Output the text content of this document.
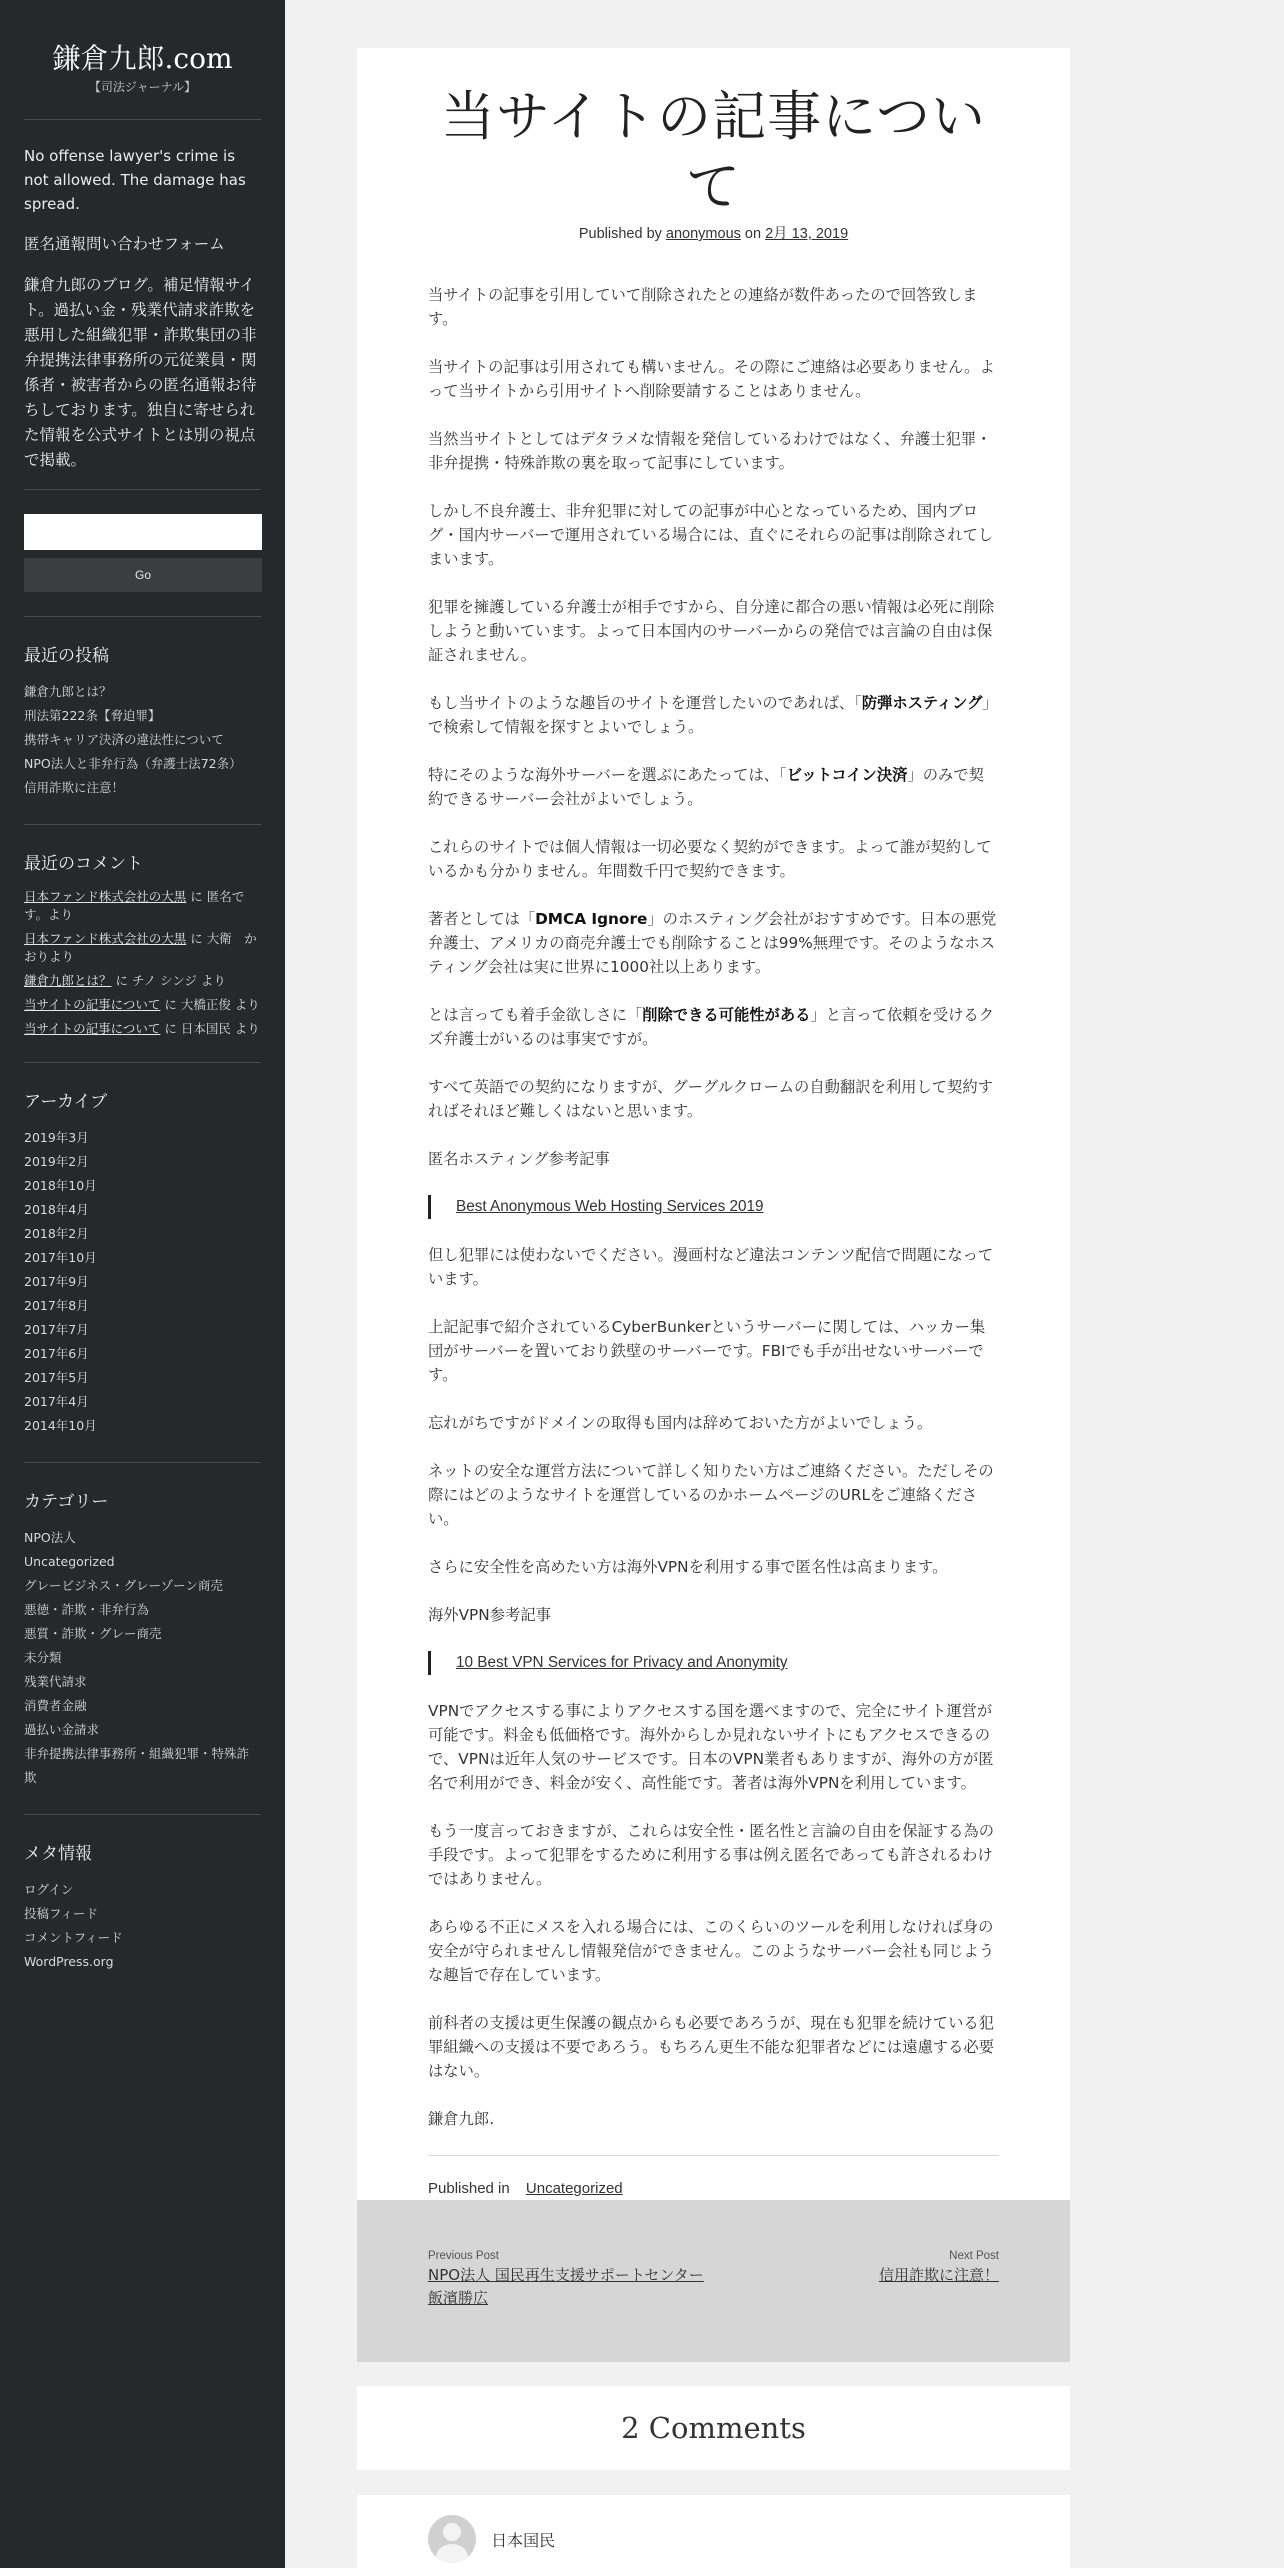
鎌倉九郎.com
【司法ジャーナル】

No offense lawyer's crime is not allowed. The damage has spread.

匿名通報問い合わせフォーム

鎌倉九郎のブログ。補足情報サイト。過払い金・残業代請求詐欺を悪用した組織犯罪・詐欺集団の非弁提携法律事務所の元従業員・関係者・被害者からの匿名通報お待ちしております。独自に寄せられた情報を公式サイトとは別の視点で掲載。

Go
最近の投稿
鎌倉九郎とは？
刑法第222条【脅迫罪】
携帯キャリア決済の違法性について
NPO法人と非弁行為（弁護士法72条）
信用詐欺に注意！
最近のコメント
日本ファンド株式会社の大黒 に 匿名です。より
日本ファンド株式会社の大黒 に 大衛　かおりより
鎌倉九郎とは？ に チノ シンジ より
当サイトの記事について に 大橋正俊 より
当サイトの記事について に 日本国民 より
アーカイブ
2019年3月
2019年2月
2018年10月
2018年4月
2018年2月
2017年10月
2017年9月
2017年8月
2017年7月
2017年6月
2017年5月
2017年4月
2014年10月
カテゴリー
NPO法人
Uncategorized
グレービジネス・グレーゾーン商売
悪徳・詐欺・非弁行為
悪質・詐欺・グレー商売
未分類
残業代請求
消費者金融
過払い金請求
非弁提携法律事務所・組織犯罪・特殊詐欺
メタ情報
ログイン
投稿フィード
コメントフィード
WordPress.org
当サイトの記事について
Published by anonymous on 2月 13, 2019

当サイトの記事を引用していて削除されたとの連絡が数件あったので回答致します。

当サイトの記事は引用されても構いません。その際にご連絡は必要ありません。よって当サイトから引用サイトへ削除要請することはありません。

当然当サイトとしてはデタラメな情報を発信しているわけではなく、弁護士犯罪・非弁提携・特殊詐欺の裏を取って記事にしています。

しかし不良弁護士、非弁犯罪に対しての記事が中心となっているため、国内ブログ・国内サーバーで運用されている場合には、直ぐにそれらの記事は削除されてしまいます。

犯罪を擁護している弁護士が相手ですから、自分達に都合の悪い情報は必死に削除しようと動いています。よって日本国内のサーバーからの発信では言論の自由は保証されません。

もし当サイトのような趣旨のサイトを運営したいのであれば、「防弾ホスティング」で検索して情報を探すとよいでしょう。

特にそのような海外サーバーを選ぶにあたっては、「ビットコイン決済」のみで契約できるサーバー会社がよいでしょう。

これらのサイトでは個人情報は一切必要なく契約ができます。よって誰が契約しているかも分かりません。年間数千円で契約できます。

著者としては「DMCA Ignore」のホスティング会社がおすすめです。日本の悪党弁護士、アメリカの商売弁護士でも削除することは99%無理です。そのようなホスティング会社は実に世界に1000社以上あります。

とは言っても着手金欲しさに「削除できる可能性がある」と言って依頼を受けるクズ弁護士がいるのは事実ですが。

すべて英語での契約になりますが、グーグルクロームの自動翻訳を利用して契約すればそれほど難しくはないと思います。

匿名ホスティング参考記事

Best Anonymous Web Hosting Services 2019

但し犯罪には使わないでください。漫画村など違法コンテンツ配信で問題になっています。

上記記事で紹介されているCyberBunkerというサーバーに関しては、ハッカー集団がサーバーを置いており鉄壁のサーバーです。FBIでも手が出せないサーバーです。

忘れがちですがドメインの取得も国内は辞めておいた方がよいでしょう。

ネットの安全な運営方法について詳しく知りたい方はご連絡ください。ただしその際にはどのようなサイトを運営しているのかホームページのURLをご連絡ください。

さらに安全性を高めたい方は海外VPNを利用する事で匿名性は高まります。

海外VPN参考記事

10 Best VPN Services for Privacy and Anonymity

VPNでアクセスする事によりアクセスする国を選べますので、完全にサイト運営が可能です。料金も低価格です。海外からしか見れないサイトにもアクセスできるので、VPNは近年人気のサービスです。日本のVPN業者もありますが、海外の方が匿名で利用ができ、料金が安く、高性能です。著者は海外VPNを利用しています。

もう一度言っておきますが、これらは安全性・匿名性と言論の自由を保証する為の手段です。よって犯罪をするために利用する事は例え匿名であっても許されるわけではありません。

あらゆる不正にメスを入れる場合には、このくらいのツールを利用しなければ身の安全が守られませんし情報発信ができません。このようなサーバー会社も同じような趣旨で存在しています。

前科者の支援は更生保護の観点からも必要であろうが、現在も犯罪を続けている犯罪組織への支援は不要であろう。もちろん更生不能な犯罪者などには遠慮する必要はない。

鎌倉九郎.

Published in Uncategorized
Previous Post
NPO法人 国民再生支援サポートセンター 飯濱勝広
Next Post
信用詐欺に注意！
2 Comments
日本国民
